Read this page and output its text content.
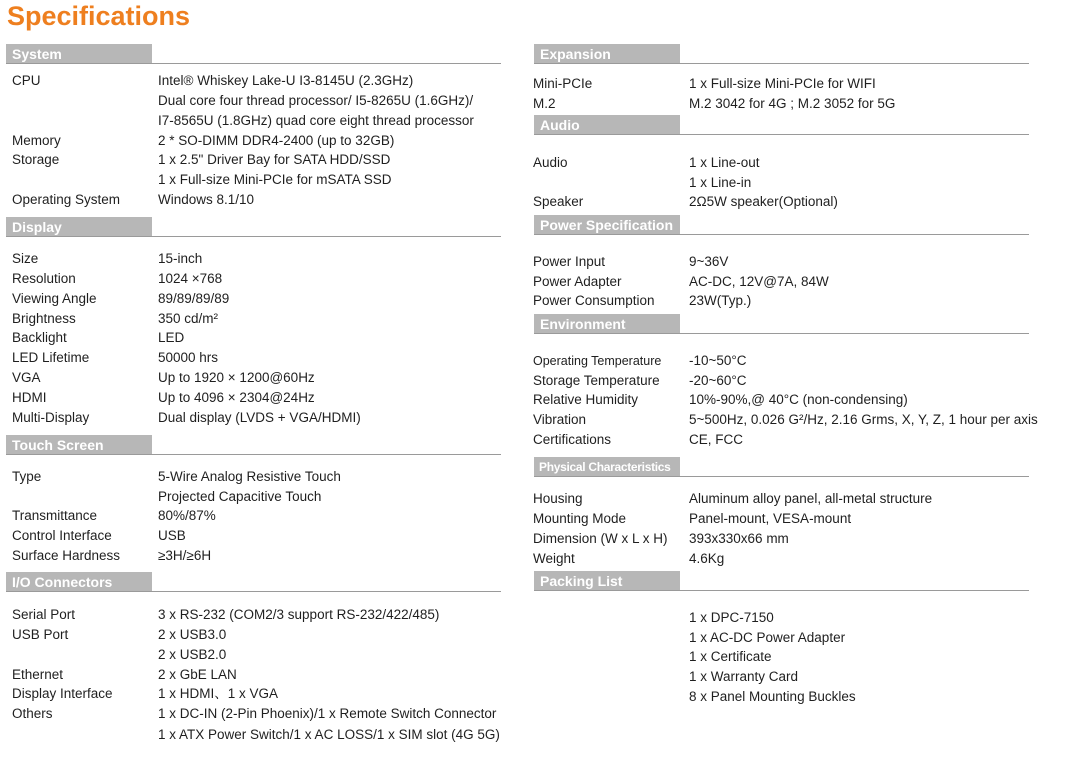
Specifications
System
CPU	Intel® Whiskey Lake-U I3-8145U (2.3GHz)
Dual core four thread processor/ I5-8265U (1.6GHz)/
I7-8565U (1.8GHz) quad core eight thread processor
Memory	2 * SO-DIMM DDR4-2400 (up to 32GB)
Storage	1 x 2.5" Driver Bay for SATA HDD/SSD
1 x Full-size Mini-PCIe for mSATA SSD
Operating System	Windows 8.1/10
Display
Size	15-inch
Resolution	1024 ×768
Viewing Angle	89/89/89/89
Brightness	350 cd/m²
Backlight	LED
LED Lifetime	50000 hrs
VGA	Up to 1920 × 1200@60Hz
HDMI	Up to 4096 × 2304@24Hz
Multi-Display	Dual display (LVDS + VGA/HDMI)
Touch Screen
Type	5-Wire Analog Resistive Touch
Projected Capacitive Touch
Transmittance	80%/87%
Control Interface	USB
Surface Hardness	≥3H/≥6H
I/O Connectors
Serial Port	3 x RS-232 (COM2/3 support RS-232/422/485)
USB Port	2 x USB3.0
2 x USB2.0
Ethernet	2 x GbE LAN
Display Interface	1 x HDMI、1 x VGA
Others	1 x DC-IN (2-Pin Phoenix)/1 x Remote Switch Connector
1 x ATX Power Switch/1 x AC LOSS/1 x SIM slot (4G 5G)
Expansion
Mini-PCIe	1 x Full-size Mini-PCIe for WIFI
M.2	M.2 3042 for 4G ; M.2 3052 for 5G
Audio
Audio	1 x Line-out
1 x Line-in
Speaker	2Ω5W speaker(Optional)
Power Specification
Power Input	9~36V
Power Adapter	AC-DC, 12V@7A, 84W
Power Consumption	23W(Typ.)
Environment
Operating Temperature -10~50°C
Storage Temperature -20~60°C
Relative Humidity	10%-90%,@ 40°C (non-condensing)
Vibration	5~500Hz, 0.026 G²/Hz, 2.16 Grms, X, Y, Z, 1 hour per axis
Certifications	CE, FCC
Physical Characteristics
Housing	Aluminum alloy panel, all-metal structure
Mounting Mode	Panel-mount, VESA-mount
Dimension (W x L x H) 393x330x66 mm
Weight	4.6Kg
Packing List
1 x DPC-7150
1 x AC-DC Power Adapter
1 x Certificate
1 x Warranty Card
8 x Panel Mounting Buckles
